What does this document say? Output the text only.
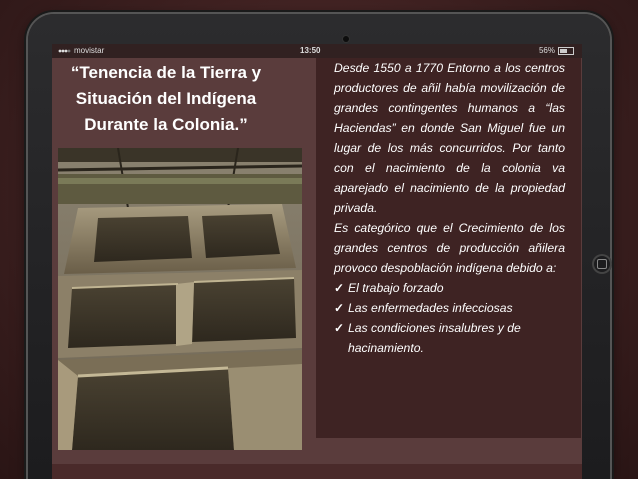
movistar	13:50	56%
“Tenencia de la Tierra y
Situación del Indígena
Durante la Colonia.”

Desde 1550 a 1770 Entorno a los centros productores de añil había movilización de grandes contingentes humanos a “las Haciendas” en donde San Miguel fue un lugar de los más concurridos. Por tanto con el nacimiento de la colonia va aparejado el nacimiento de la propiedad privada.

Es categórico que el Crecimiento de los grandes centros de producción añilera provoco despoblación indígena debido a:

✓ El trabajo forzado
✓ Las enfermedades infecciosas
✓ Las condiciones insalubres y de hacinamiento.
